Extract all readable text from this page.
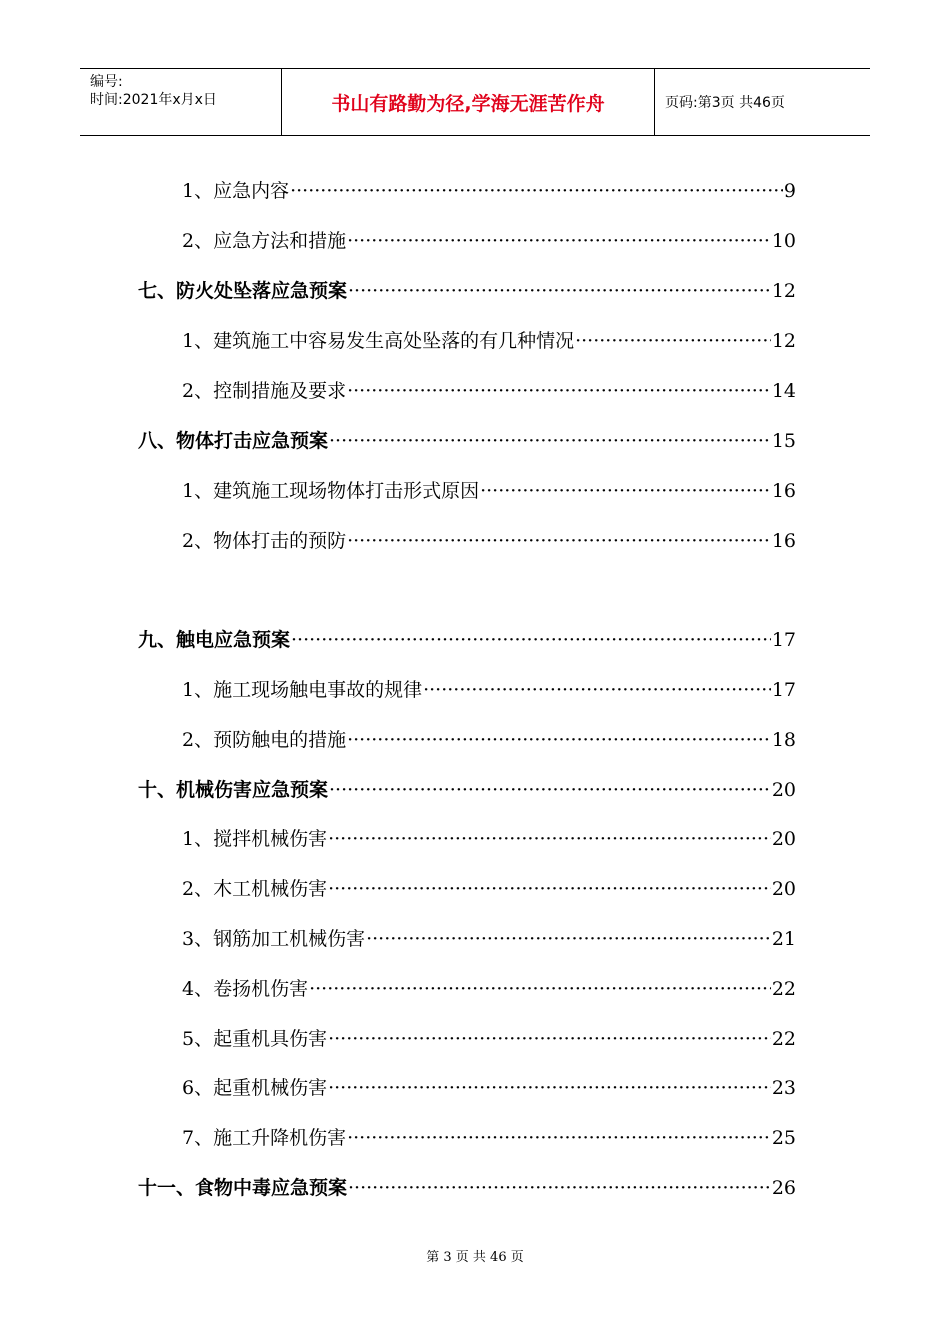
编号:
时间:2021年x月x日	书山有路勤为径,学海无涯苦作舟	页码:第3页 共46页
1、应急内容 ·····	9
2、应急方法和措施 ·····	10
七、防火处坠落应急预案 ·····	12
1、建筑施工中容易发生高处坠落的有几种情况 ·····	12
2、控制措施及要求 ·····	14
八、物体打击应急预案 ·····	15
1、建筑施工现场物体打击形式原因 ·····	16
2、物体打击的预防 ·····	16
九、触电应急预案 ·····	17
1、施工现场触电事故的规律 ·····	17
2、预防触电的措施 ·····	18
十、机械伤害应急预案 ·····	20
1、搅拌机械伤害 ·····	20
2、木工机械伤害 ·····	20
3、钢筋加工机械伤害 ·····	21
4、卷扬机伤害 ·····	22
5、起重机具伤害 ·····	22
6、起重机械伤害 ·····	23
7、施工升降机伤害 ·····	25
十一、食物中毒应急预案 ·····	26
第 3 页 共 46 页
